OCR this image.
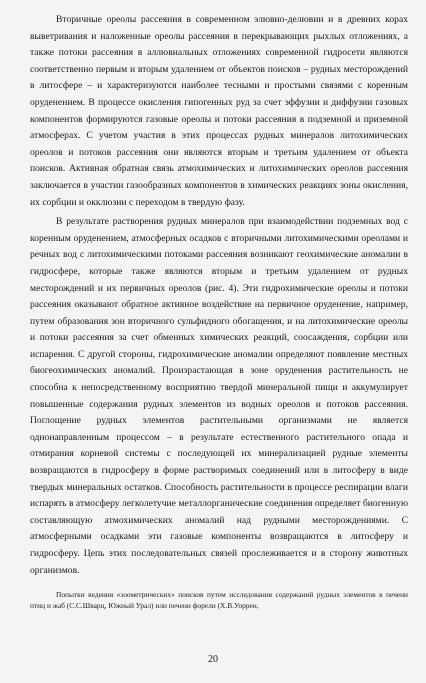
Вторичные ореолы рассеяния в современном элювио-делювии и в древних корах выветривания и наложенные ореолы рассеяния в перекрывающих рыхлых отложениях, а также потоки рассеяния в аллювиальных отложениях современной гидросети являются соответственно первым и вторым удалением от объектов поисков – рудных месторождений в литосфере – и характеризуются наиболее тесными и простыми связями с коренным оруденением. В процессе окисления гипогенных руд за счет эффузии и диффузии газовых компонентов формируются газовые ореолы и потоки рассеяния в подземной и приземной атмосферах. С учетом участия в этих процессах рудных минералов литохимических ореолов и потоков рассеяния они являются вторым и третьим удалением от объекта поисков. Активная обратная связь атмохимических и литохимических ореолов рассеяния заключается в участии газообразных компонентов в химических реакциях зоны окисления, их сорбции и окклюзии с переходом в твердую фазу.

В результате растворения рудных минералов при взаимодействии подземных вод с коренным оруденением, атмосферных осадков с вторичными литохимическими ореолами и речных вод с литохимическими потоками рассеяния возникают геохимические аномалии в гидросфере, которые также являются вторым и третьим удалением от рудных месторождений и их первичных ореолов (рис. 4). Эти гидрохимические ореолы и потоки рассеяния оказывают обратное активное воздействие на первичное оруденение, например, путем образования зон вторичного сульфидного обогащения, и на литохимические ореолы и потоки рассеяния за счет обменных химических реакций, соосаждения, сорбции или испарения. С другой стороны, гидрохимические аномалии определяют появление местных биогеохимических аномалий. Произрастающая в зоне оруденения растительность не способна к непосредственному восприятию твердой минеральной пищи и аккумулирует повышенные содержания рудных элементов из водных ореолов и потоков рассеяния. Поглощение рудных элементов растительными организмами не является однонаправленным процессом – в результате естественного растительного опада и отмирания корневой системы с последующей их минерализацией рудные элементы возвращаются в гидросферу в форме растворимых соединений или в литосферу в виде твердых минеральных остатков. Способность растительности в процессе респирации влаги испарять в атмосферу легколетучие металлорганические соединения определяет биогенную составляющую атмохимических аномалий над рудными месторождениями. С атмосферными осадками эти газовые компоненты возвращаются в литосферу и гидросферу. Цепь этих последовательных связей прослеживается и в сторону животных организмов.

Попытки ведения «зоометрических» поисков путем исследования содержаний рудных элементов в печени птиц и жаб (С.С.Шварц, Южный Урал) или печени форели (Х.В.Уоррен,

20
